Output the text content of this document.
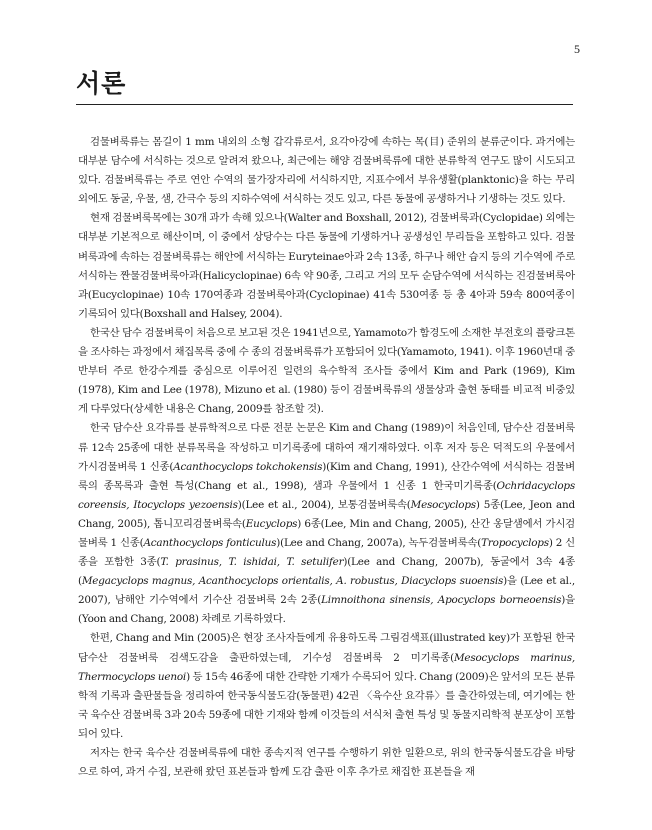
5
서론

검물벼룩류는 몸길이 1 mm 내외의 소형 갑각류로서, 요각아강에 속하는 목(目) 준위의 분류군이다. 과거에는 대부분 담수에 서식하는 것으로 알려져 왔으나, 최근에는 해양 검물벼룩류에 대한 분류학적 연구도 많이 시도되고 있다. 검물벼룩류는 주로 연안 수역의 물가장자리에 서식하지만, 지표수에서 부유생활(planktonic)을 하는 무리 외에도 동굴, 우물, 샘, 간극수 등의 지하수역에 서식하는 것도 있고, 다른 동물에 공생하거나 기생하는 것도 있다.

현재 검물벼룩목에는 30개 과가 속해 있으나(Walter and Boxshall, 2012), 검물벼룩과(Cyclopidae) 외에는 대부분 기본적으로 해산이며, 이 중에서 상당수는 다른 동물에 기생하거나 공생성인 무리들을 포함하고 있다. 검물벼룩과에 속하는 검물벼룩류는 해안에 서식하는 Euryteinae아과 2속 13종, 하구나 해안 습지 등의 기수역에 주로 서식하는 짠물검물벼룩아과(Halicyclopinae) 6속 약 90종, 그리고 거의 모두 순담수역에 서식하는 진검물벼룩아과(Eucyclopinae) 10속 170여종과 검물벼룩아과(Cyclopinae) 41속 530여종 등 총 4아과 59속 800여종이 기록되어 있다(Boxshall and Halsey, 2004).

한국산 담수 검물벼룩이 처음으로 보고된 것은 1941년으로, Yamamoto가 함경도에 소재한 부전호의 플랑크톤을 조사하는 과정에서 채집목록 중에 수 종의 검물벼룩류가 포함되어 있다(Yamamoto, 1941). 이후 1960년대 중반부터 주로 한강수계를 중심으로 이루어진 일련의 육수학적 조사들 중에서 Kim and Park (1969), Kim (1978), Kim and Lee (1978), Mizuno et al. (1980) 등이 검물벼룩류의 생물상과 출현 동태를 비교적 비중있게 다루었다(상세한 내용은 Chang, 2009를 참조할 것).

한국 담수산 요각류를 분류학적으로 다룬 전문 논문은 Kim and Chang (1989)이 처음인데, 담수산 검물벼룩류 12속 25종에 대한 분류목록을 작성하고 미기록종에 대하여 재기재하였다. 이후 저자 등은 덕적도의 우물에서 가시검물벼룩 1 신종(Acanthocyclops tokchokensis)(Kim and Chang, 1991), 산간수역에 서식하는 검물벼룩의 종목록과 출현 특성(Chang et al., 1998), 샘과 우물에서 1 신종 1 한국미기록종(Ochridacyclops coreensis, Itocyclops yezoensis)(Lee et al., 2004), 보통검물벼룩속(Mesocyclops) 5종(Lee, Jeon and Chang, 2005), 톱니꼬리검물벼룩속(Eucyclops) 6종(Lee, Min and Chang, 2005), 산간 옹달샘에서 가시검물벼룩 1 신종(Acanthocyclops fonticulus)(Lee and Chang, 2007a), 녹두검물벼룩속(Tropocyclops) 2 신종을 포함한 3종(T. prasinus, T. ishidai, T. setulifer)(Lee and Chang, 2007b), 동굴에서 3속 4종(Megacyclops magnus, Acanthocyclops orientalis, A. robustus, Diacyclops suoensis)을 (Lee et al., 2007), 남해안 기수역에서 기수산 검물벼룩 2속 2종(Limnoithona sinensis, Apocyclops borneoensis)을 (Yoon and Chang, 2008) 차례로 기록하였다.

한편, Chang and Min (2005)은 현장 조사자들에게 유용하도록 그림검색표(illustrated key)가 포함된 한국 담수산 검물벼룩 검색도감을 출판하였는데, 기수성 검물벼룩 2 미기록종(Mesocyclops marinus, Thermocyclops uenoi) 등 15속 46종에 대한 간략한 기재가 수록되어 있다. Chang (2009)은 앞서의 모든 분류학적 기록과 출판물들을 정리하여 한국동식물도감(동물편) 42권 〈육수산 요각류〉를 출간하였는데, 여기에는 한국 육수산 검물벼룩 3과 20속 59종에 대한 기재와 함께 이것들의 서식처 출현 특성 및 동물지리학적 분포상이 포함되어 있다.

저자는 한국 육수산 검물벼룩류에 대한 종속지적 연구를 수행하기 위한 일환으로, 위의 한국동식물도감을 바탕으로 하여, 과거 수집, 보관해 왔던 표본들과 함께 도감 출판 이후 추가로 채집한 표본들을 재
